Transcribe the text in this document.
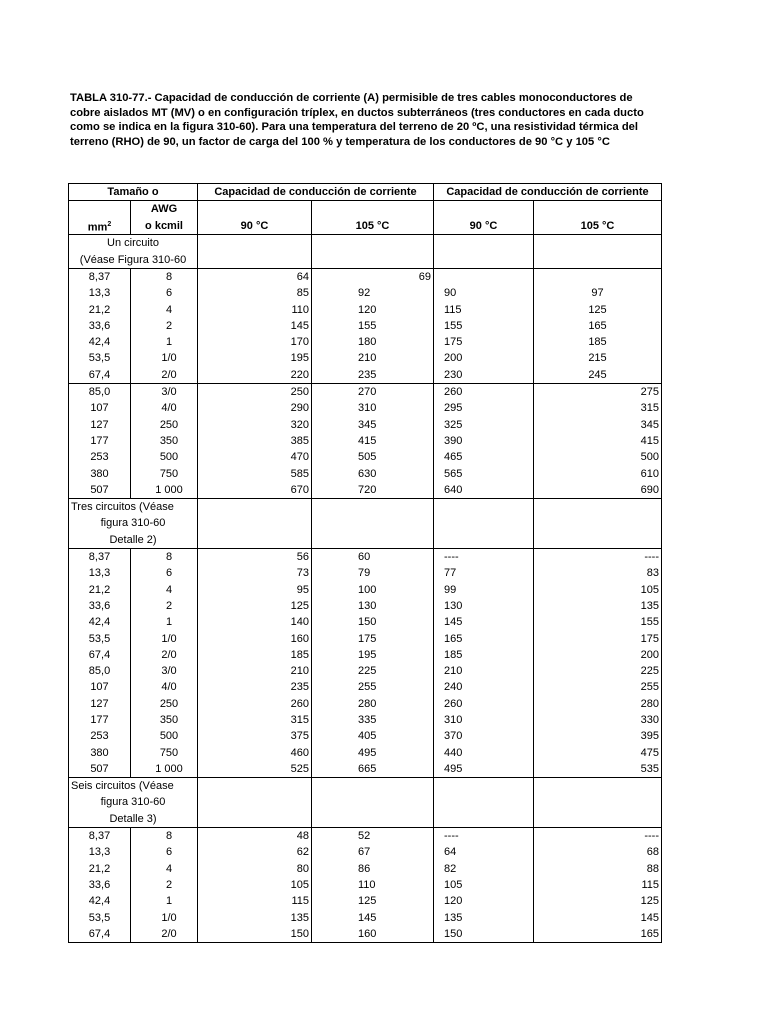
TABLA 310-77.- Capacidad de conducción de corriente (A) permisible de tres cables monoconductores de

cobre aislados MT (MV) o en configuración tríplex, en ductos subterráneos (tres conductores en cada ducto

como se indica en la figura 310-60). Para una temperatura del terreno de 20 ºC, una resistividad térmica del

terreno (RHO) de 90, un factor de carga del 100 % y temperatura de los conductores de 90 °C y 105 °C

Tamaño o		Capacidad de conducción de corriente		Capacidad de conducción de corriente	
	AWG				
$mm^2$	o kcmil	90 °C	105 °C	90 °C	105 °C
Un circuito					
(Véase Figura 310-60					
8,37	8	64	69		
13,3	6	85	92	90	97
21,2	4	110	120	115	125
33,6	2	145	155	155	165
42,4	1	170	180	175	185
53,5	1/0	195	210	200	215
67,4	2/0	220	235	230	245
85,0	3/0	250	270	260	275
107	4/0	290	310	295	315
127	250	320	345	325	345
177	350	385	415	390	415
253	500	470	505	465	500
380	750	585	630	565	610
507	1 000	670	720	640	690
Tres circuitos (Véase					
figura 310-60					
Detalle 2)					
8,37	8	56	60	----	----
13,3	6	73	79	77	83
21,2	4	95	100	99	105
33,6	2	125	130	130	135
42,4	1	140	150	145	155
53,5	1/0	160	175	165	175
67,4	2/0	185	195	185	200
85,0	3/0	210	225	210	225
107	4/0	235	255	240	255
127	250	260	280	260	280
177	350	315	335	310	330
253	500	375	405	370	395
380	750	460	495	440	475
507	1 000	525	665	495	535
Seis circuitos (Véase					
figura 310-60					
Detalle 3)					
8,37	8	48	52	----	----
13,3	6	62	67	64	68
21,2	4	80	86	82	88
33,6	2	105	110	105	115
42,4	1	115	125	120	125
53,5	1/0	135	145	135	145
67,4	2/0	150	160	150	165
